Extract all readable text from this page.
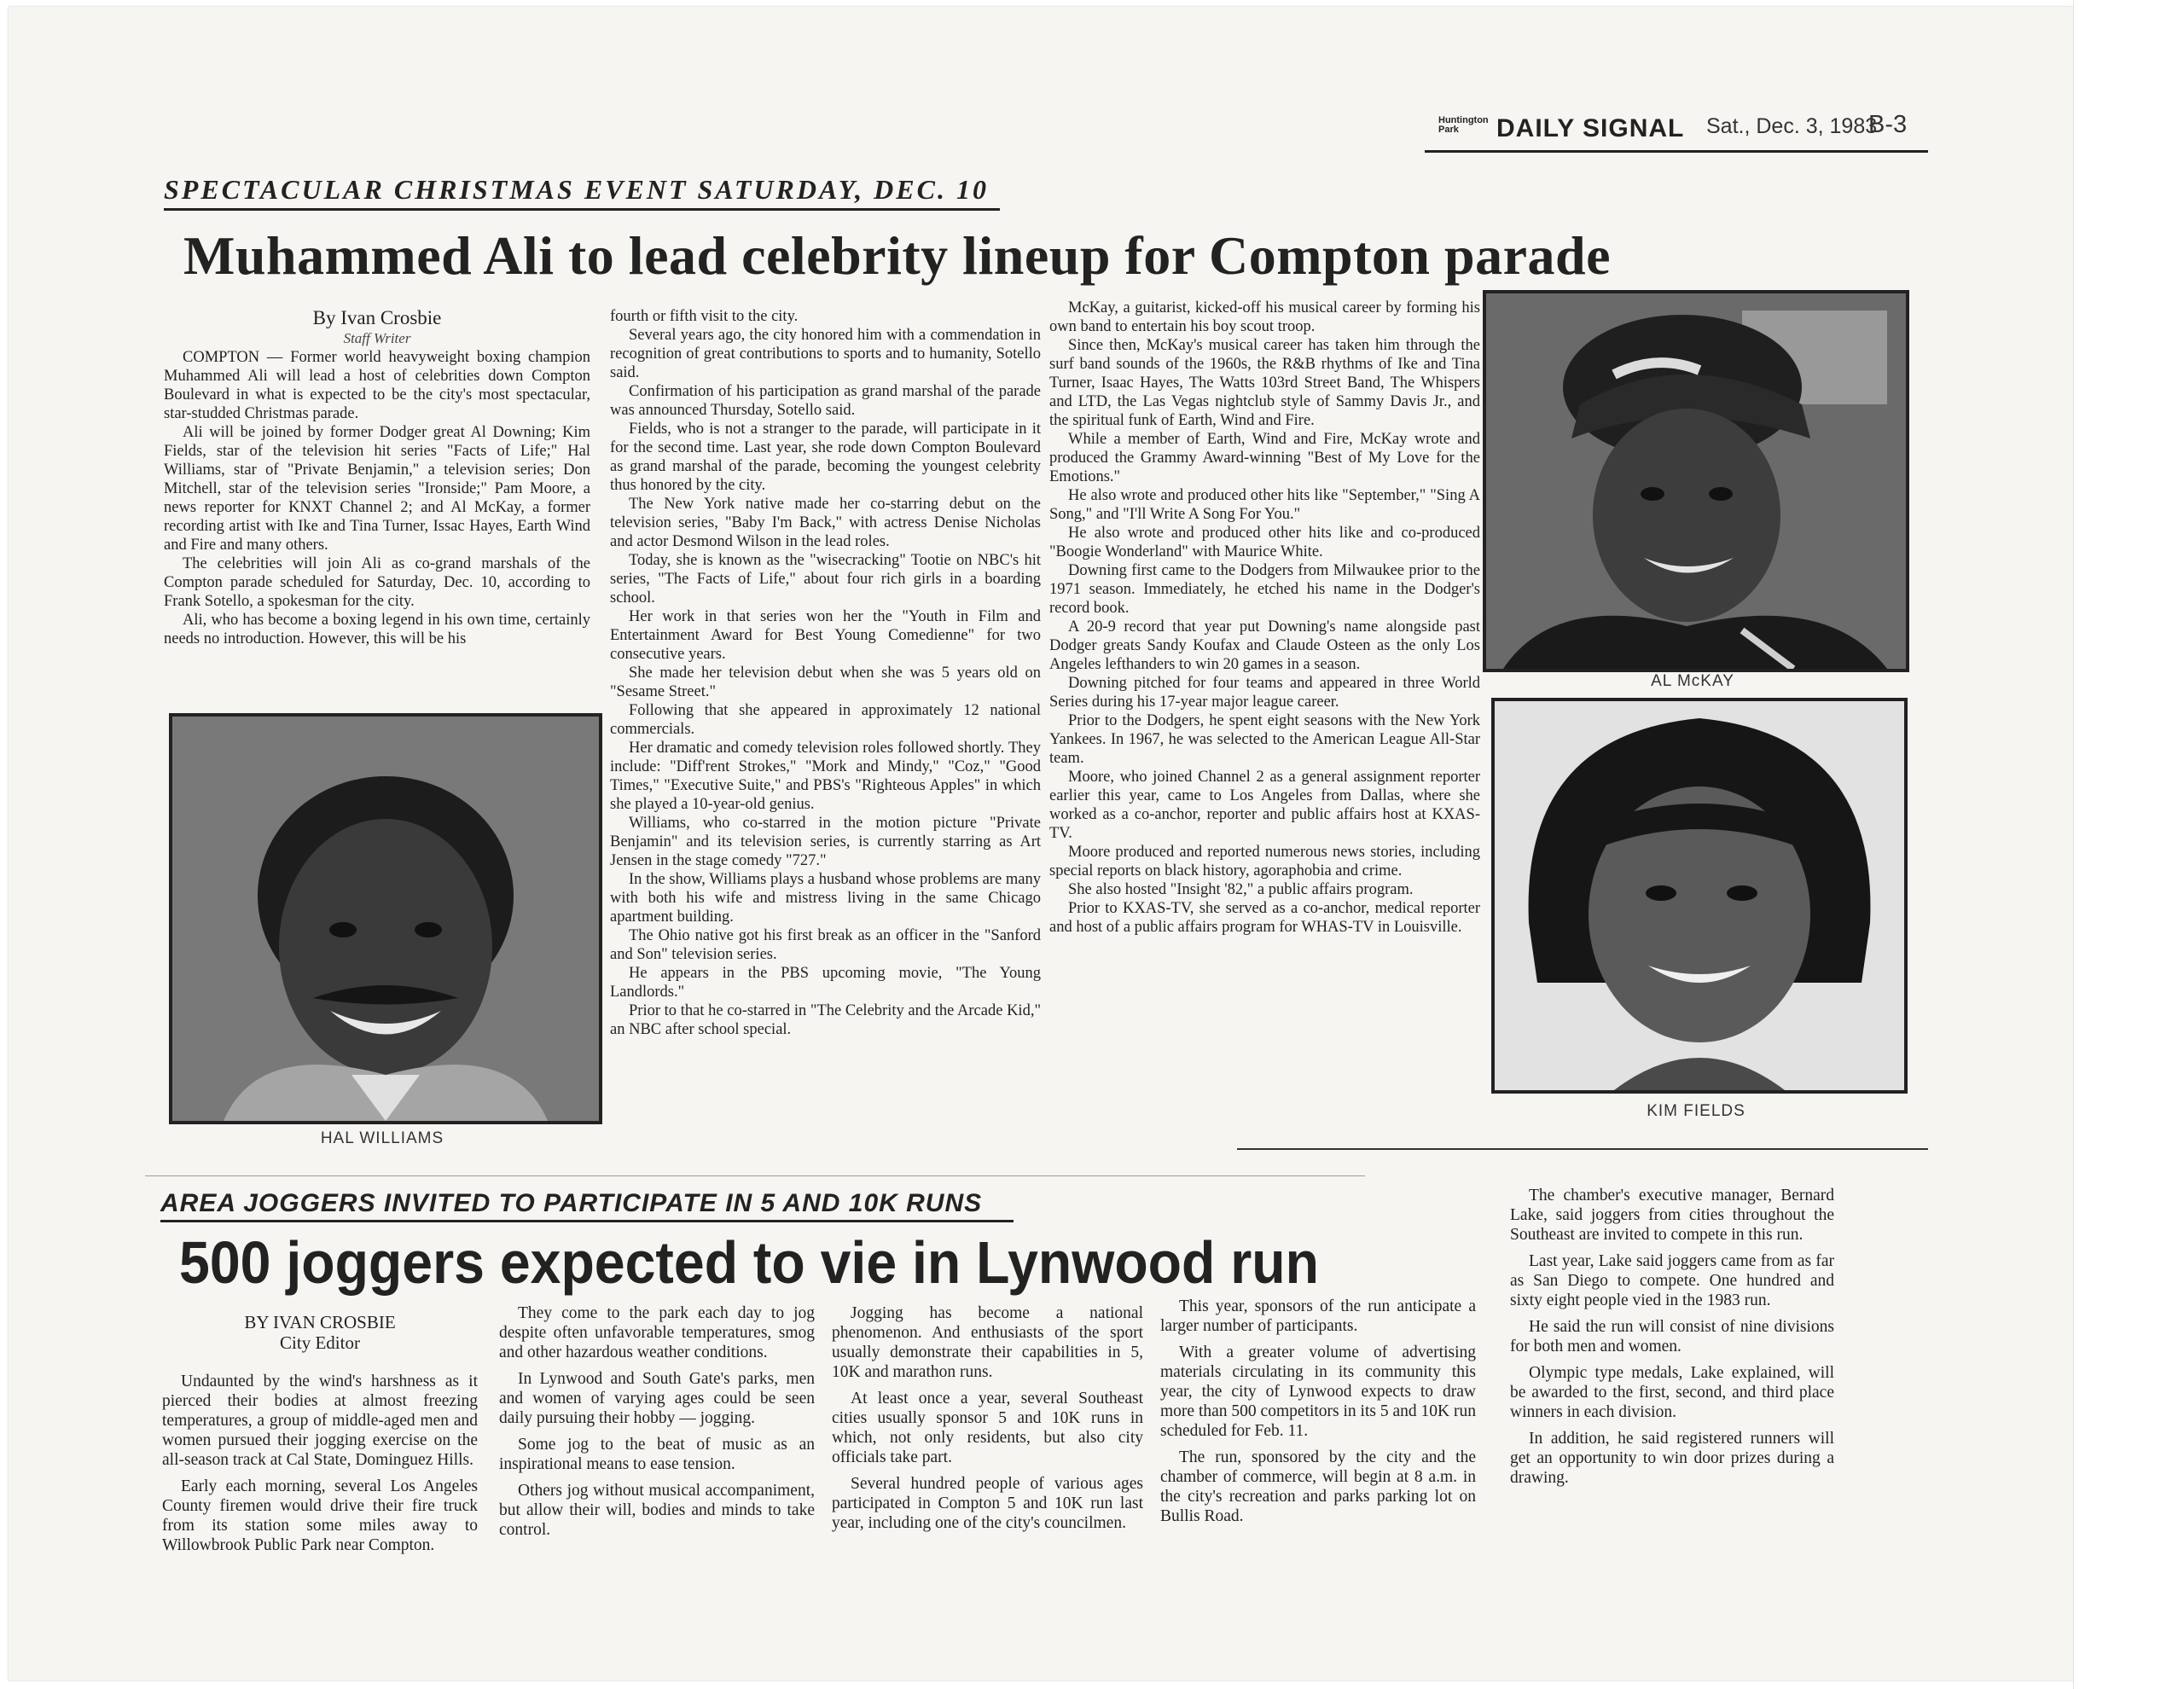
Huntington Park	DAILY SIGNAL Sat., Dec. 3, 1983
B-3
SPECTACULAR CHRISTMAS EVENT SATURDAY, DEC. 10
Muhammed Ali to lead celebrity lineup for Compton parade

By Ivan Crosbie

Staff Writer

COMPTON — Former world heavyweight boxing champion Muhammed Ali will lead a host of celebrities down Compton Boulevard in what is expected to be the city's most spectacular, star-studded Christmas parade.

Ali will be joined by former Dodger great Al Downing; Kim Fields, star of the television hit series "Facts of Life;" Hal Williams, star of "Private Benjamin," a television series; Don Mitchell, star of the television series "Ironside;" Pam Moore, a news reporter for KNXT Channel 2; and Al McKay, a former recording artist with Ike and Tina Turner, Issac Hayes, Earth Wind and Fire and many others.

The celebrities will join Ali as co-grand marshals of the Compton parade scheduled for Saturday, Dec. 10, according to Frank Sotello, a spokesman for the city.

Ali, who has become a boxing legend in his own time, certainly needs no introduction. However, this will be his

HAL WILLIAMS

fourth or fifth visit to the city.

Several years ago, the city honored him with a commendation in recognition of great contributions to sports and to humanity, Sotello said.

Confirmation of his participation as grand marshal of the parade was announced Thursday, Sotello said.

Fields, who is not a stranger to the parade, will participate in it for the second time. Last year, she rode down Compton Boulevard as grand marshal of the parade, becoming the youngest celebrity thus honored by the city.

The New York native made her co-starring debut on the television series, "Baby I'm Back," with actress Denise Nicholas and actor Desmond Wilson in the lead roles.

Today, she is known as the "wisecracking" Tootie on NBC's hit series, "The Facts of Life," about four rich girls in a boarding school.

Her work in that series won her the "Youth in Film and Entertainment Award for Best Young Comedienne" for two consecutive years.

She made her television debut when she was 5 years old on "Sesame Street."

Following that she appeared in approximately 12 national commercials.

Her dramatic and comedy television roles followed shortly. They include: "Diff'rent Strokes," "Mork and Mindy," "Coz," "Good Times," "Executive Suite," and PBS's "Righteous Apples" in which she played a 10-year-old genius.

Williams, who co-starred in the motion picture "Private Benjamin" and its television series, is currently starring as Art Jensen in the stage comedy "727."

In the show, Williams plays a husband whose problems are many with both his wife and mistress living in the same Chicago apartment building.

The Ohio native got his first break as an officer in the "Sanford and Son" television series.

He appears in the PBS upcoming movie, "The Young Landlords."

Prior to that he co-starred in "The Celebrity and the Arcade Kid," an NBC after school special.

McKay, a guitarist, kicked-off his musical career by forming his own band to entertain his boy scout troop.

Since then, McKay's musical career has taken him through the surf band sounds of the 1960s, the R&B rhythms of Ike and Tina Turner, Isaac Hayes, The Watts 103rd Street Band, The Whispers and LTD, the Las Vegas nightclub style of Sammy Davis Jr., and the spiritual funk of Earth, Wind and Fire.

While a member of Earth, Wind and Fire, McKay wrote and produced the Grammy Award-winning "Best of My Love for the Emotions."

He also wrote and produced other hits like "September," "Sing A Song," and "I'll Write A Song For You."

He also wrote and produced other hits like and co-produced "Boogie Wonderland" with Maurice White.

Downing first came to the Dodgers from Milwaukee prior to the 1971 season. Immediately, he etched his name in the Dodger's record book.

A 20-9 record that year put Downing's name alongside past Dodger greats Sandy Koufax and Claude Osteen as the only Los Angeles lefthanders to win 20 games in a season.

Downing pitched for four teams and appeared in three World Series during his 17-year major league career.

Prior to the Dodgers, he spent eight seasons with the New York Yankees. In 1967, he was selected to the American League All-Star team.

Moore, who joined Channel 2 as a general assignment reporter earlier this year, came to Los Angeles from Dallas, where she worked as a co-anchor, reporter and public affairs host at KXAS-TV.

Moore produced and reported numerous news stories, including special reports on black history, agoraphobia and crime.

She also hosted "Insight '82," a public affairs program.

Prior to KXAS-TV, she served as a co-anchor, medical reporter and host of a public affairs program for WHAS-TV in Louisville.

AL McKAY
KIM FIELDS
AREA JOGGERS INVITED TO PARTICIPATE IN 5 AND 10K RUNS
500 joggers expected to vie in Lynwood run

BY IVAN CROSBIE
City Editor

Undaunted by the wind's harshness as it pierced their bodies at almost freezing temperatures, a group of middle-aged men and women pursued their jogging exercise on the all-season track at Cal State, Dominguez Hills.

Early each morning, several Los Angeles County firemen would drive their fire truck from its station some miles away to Willowbrook Public Park near Compton.

They come to the park each day to jog despite often unfavorable temperatures, smog and other hazardous weather conditions.

In Lynwood and South Gate's parks, men and women of varying ages could be seen daily pursuing their hobby — jogging.

Some jog to the beat of music as an inspirational means to ease tension.

Others jog without musical accompaniment, but allow their will, bodies and minds to take control.

Jogging has become a national phenomenon. And enthusiasts of the sport usually demonstrate their capabilities in 5, 10K and marathon runs.

At least once a year, several Southeast cities usually sponsor 5 and 10K runs in which, not only residents, but also city officials take part.

Several hundred people of various ages participated in Compton 5 and 10K run last year, including one of the city's councilmen.

This year, sponsors of the run anticipate a larger number of participants.

With a greater volume of advertising materials circulating in its community this year, the city of Lynwood expects to draw more than 500 competitors in its 5 and 10K run scheduled for Feb. 11.

The run, sponsored by the city and the chamber of commerce, will begin at 8 a.m. in the city's recreation and parks parking lot on Bullis Road.

The chamber's executive manager, Bernard Lake, said joggers from cities throughout the Southeast are invited to compete in this run.

Last year, Lake said joggers came from as far as San Diego to compete. One hundred and sixty eight people vied in the 1983 run.

He said the run will consist of nine divisions for both men and women.

Olympic type medals, Lake explained, will be awarded to the first, second, and third place winners in each division.

In addition, he said registered runners will get an opportunity to win door prizes during a drawing.
